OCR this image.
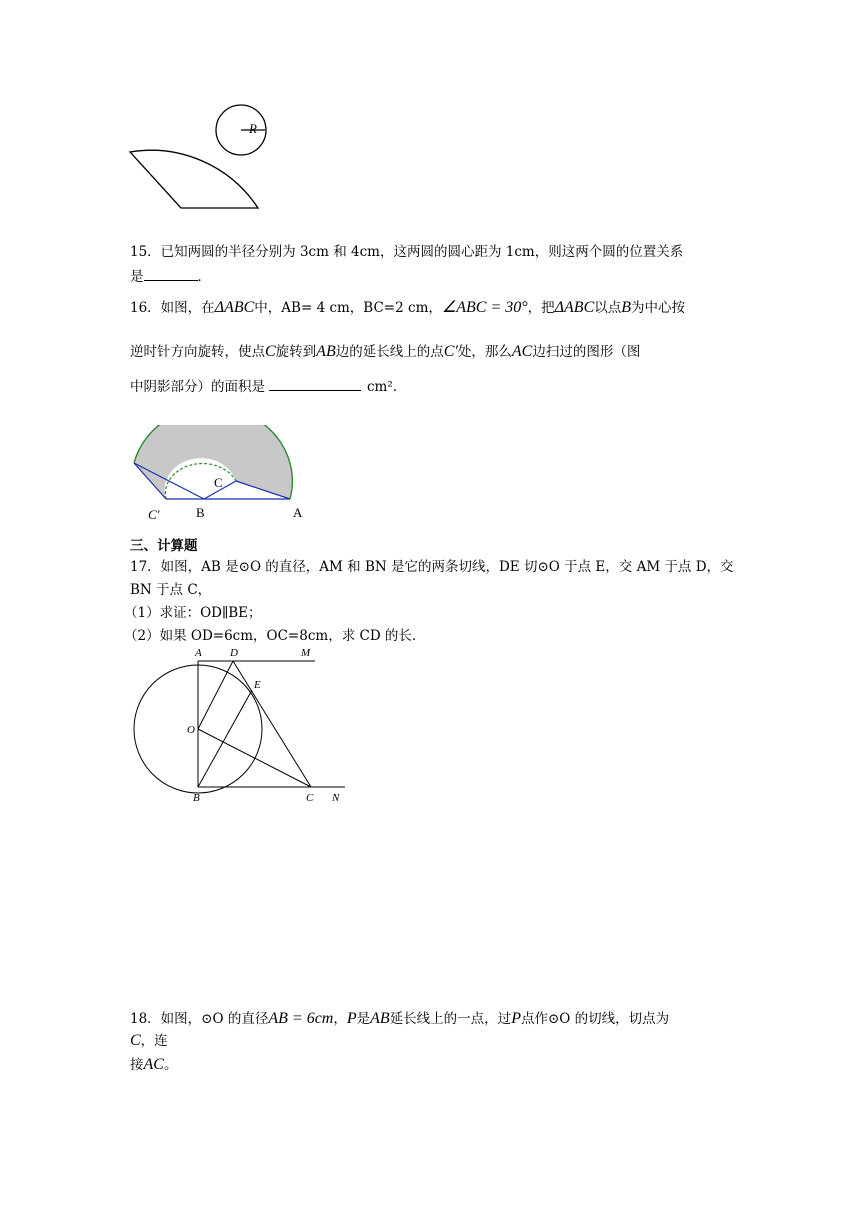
R
15．已知两圆的半径分别为 3cm 和 4cm，这两圆的圆心距为 1cm，则这两个圆的位置关系
是	．
16．如图，在ΔABC中，AB= 4 cm，BC=2 cm，∠ABC = 30°，把ΔABC以点B为中心按
逆时针方向旋转，使点C旋转到AB边的延长线上的点C′处，那么AC边扫过的图形（图
中阴影部分）的面积是	cm².
C
C′	B	A
三、计算题
17．如图，AB 是⊙O 的直径，AM 和 BN 是它的两条切线，DE 切⊙O 于点 E，交 AM 于点 D，交
BN 于点 C，
（1）求证：OD∥BE；
（2）如果 OD=6cm，OC=8cm，求 CD 的长.
A	D	M
E
O
B	C N
18．如图，⊙O 的直径AB = 6cm，P是AB延长线上的一点，过P点作⊙O 的切线，切点为
C，连
接AC。
